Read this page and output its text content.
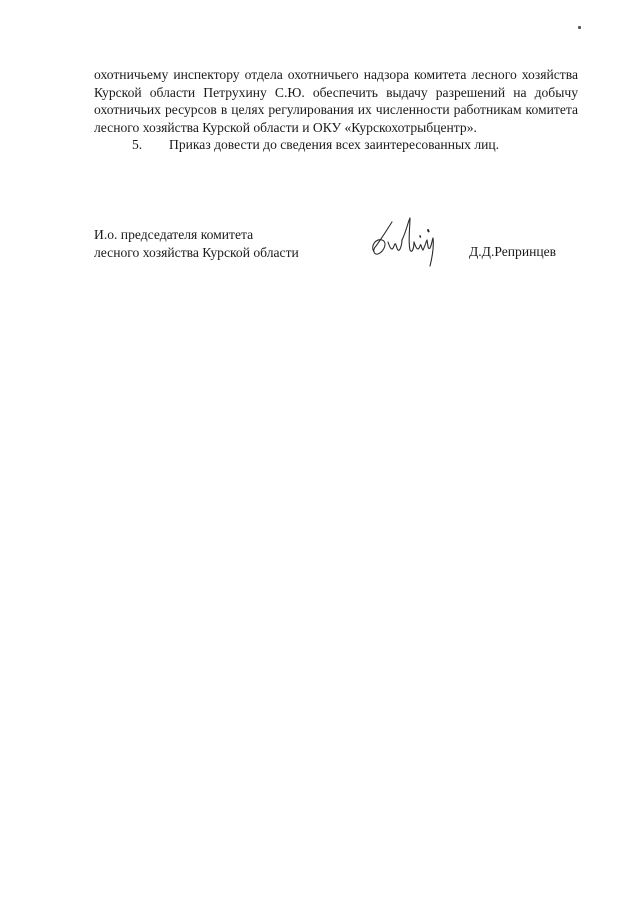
охотничьему инспектору отдела охотничьего надзора комитета лесного хозяйства Курской области Петрухину С.Ю. обеспечить выдачу разрешений на добычу охотничьих ресурсов в целях регулирования их численности работникам комитета лесного хозяйства Курской области и ОКУ «Курскохотрыбцентр».

5.	Приказ довести до сведения всех заинтересованных лиц.

И.о. председателя комитета
лесного хозяйства Курской области	Д.Д.Репринцев
